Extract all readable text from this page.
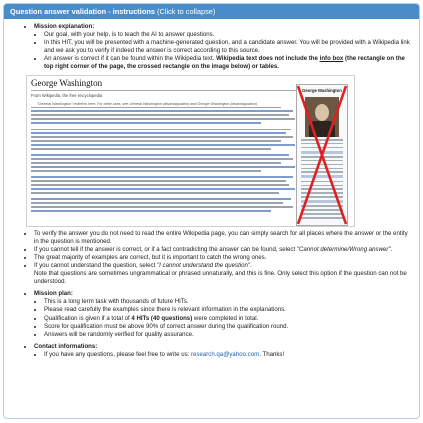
Question answer validation - instructions (Click to collapse)
• Mission explanation:
• Our goal, with your help, is to teach the AI to answer questions.
• In this HIT, you will be presented with a machine-generated question, and a candidate answer. You will be provided with a Wikipedia link and we ask you to verify if indeed the answer is correct according to this source.
• An answer is correct if it can be found within the Wikipedia text. Wikipedia text does not include the info box (the rectangle on the top right corner of the page, the crossed rectangle on the image below) or tables.
George Washington
From Wikipedia, the free encyclopedia
"General Washington" redirects here. For other uses, see General Washington (disambiguation) and George Washington (disambiguation).
George Washington
• To verify the answer you do not need to read the entire Wikipedia page, you can simply search for all places where the answer or the entity in the question is mentioned.
• If you cannot tell if the answer is correct, or if a fact contradicting the answer can be found, select "Cannot determine/Wrong answer".
• The great majority of examples are correct, but it is important to catch the wrong ones.
• If you cannot understand the question, select "I cannot understand the question".
Note that questions are sometimes ungrammatical or phrased unnaturally, and this is fine. Only select this option if the question can not be understood.
• Mission plan:
• This is a long term task with thousands of future HITs.
• Please read carefully the examples since there is relevant information in the explanations.
• Qualification is given if a total of 4 HITs (40 questions) were completed in total.
• Score for qualification must be above 90% of correct answer during the qualification round.
• Answers will be randomly verified for quality assurance.
• Contact informations:
• If you have any questions, please feel free to write us: research.qa@yahoo.com. Thanks!
